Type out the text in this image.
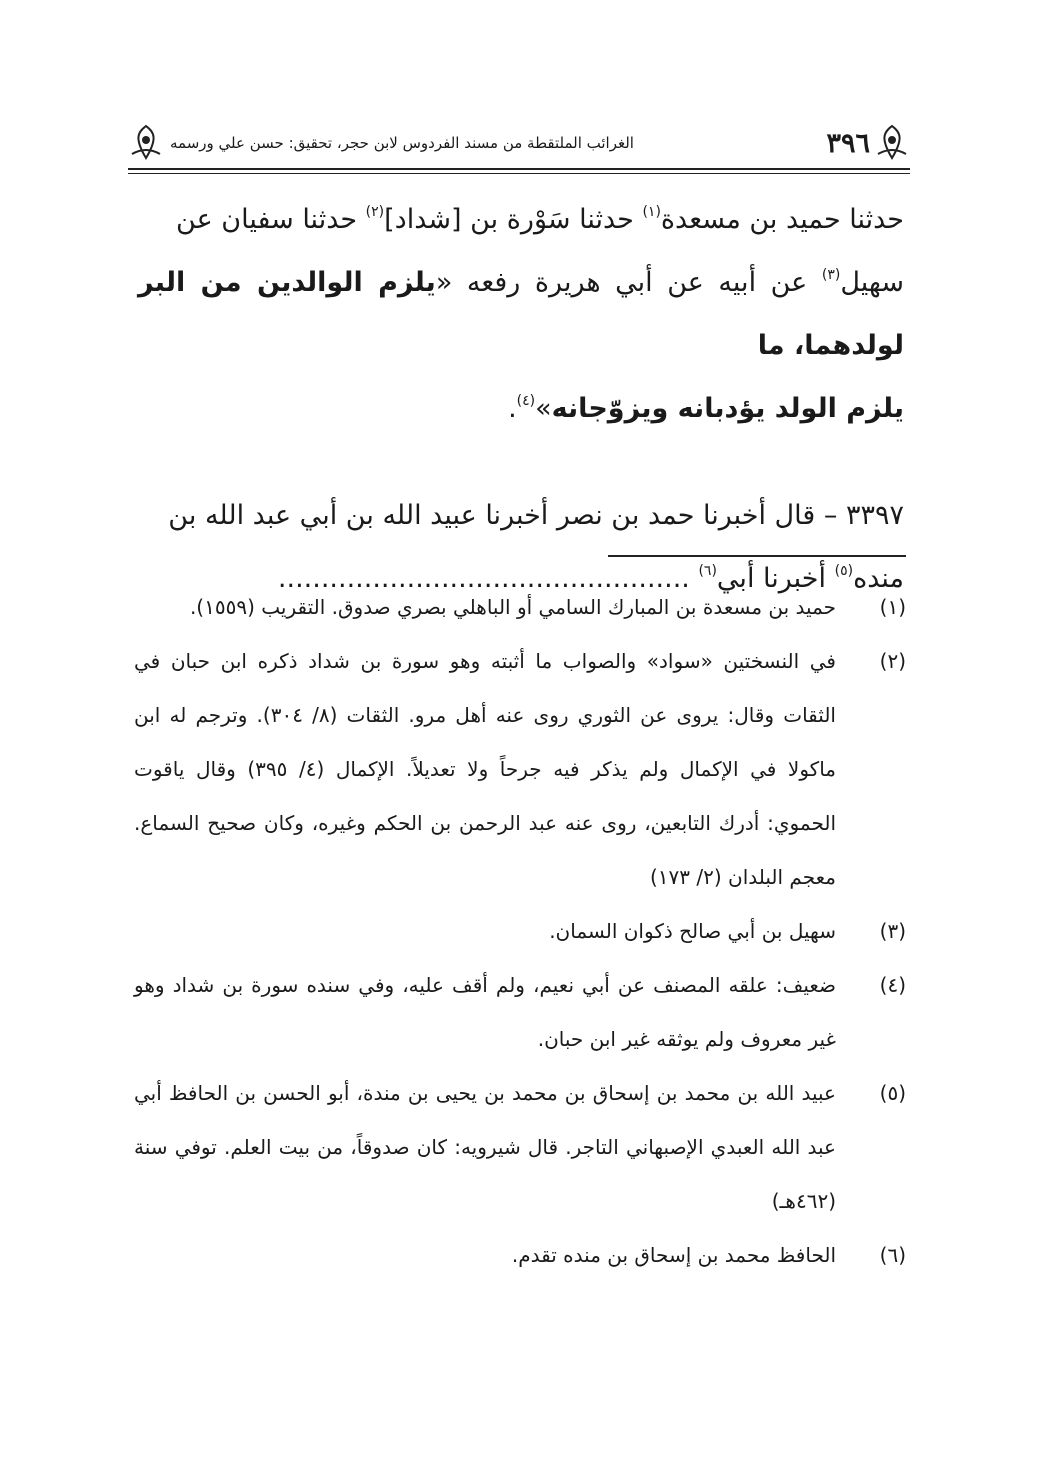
٣٩٦
الغرائب الملتقطة من مسند الفردوس لابن حجر، تحقيق: حسن علي ورسمه

حدثنا حميد بن مسعدة$^{(١)}$ حدثنا سَوْرة بن [شداد]$^{(٢)}$ حدثنا سفيان عن

سهيل$^{(٣)}$ عن أبيه عن أبي هريرة رفعه «يلزم الوالدين من البر لولدهما، ما

يلزم الولد يؤدبانه ويزوّجانه»$^{(٤)}$.

٣٣٩٧ – قال أخبرنا حمد بن نصر أخبرنا عبيد الله بن أبي عبد الله بن

منده$^{(٥)}$ أخبرنا أبي$^{(٦)}$ ................................................

(١)
حميد بن مسعدة بن المبارك السامي أو الباهلي بصري صدوق. التقريب (١٥٥٩).
(٢)
في النسختين «سواد» والصواب ما أثبته وهو سورة بن شداد ذكره ابن حبان في الثقات وقال: يروى عن الثوري روى عنه أهل مرو. الثقات (٨/ ٣٠٤). وترجم له ابن ماكولا في الإكمال ولم يذكر فيه جرحاً ولا تعديلاً. الإكمال (٤/ ٣٩٥) وقال ياقوت الحموي: أدرك التابعين، روى عنه عبد الرحمن بن الحكم وغيره، وكان صحيح السماع. معجم البلدان (٢/ ١٧٣)
(٣)
سهيل بن أبي صالح ذكوان السمان.
(٤)
ضعيف: علقه المصنف عن أبي نعيم، ولم أقف عليه، وفي سنده سورة بن شداد وهو غير معروف ولم يوثقه غير ابن حبان.
(٥)
عبيد الله بن محمد بن إسحاق بن محمد بن يحيى بن مندة، أبو الحسن بن الحافظ أبي عبد الله العبدي الإصبهاني التاجر. قال شيرويه: كان صدوقاً، من بيت العلم. توفي سنة (٤٦٢هـ)
(٦)
الحافظ محمد بن إسحاق بن منده تقدم.
